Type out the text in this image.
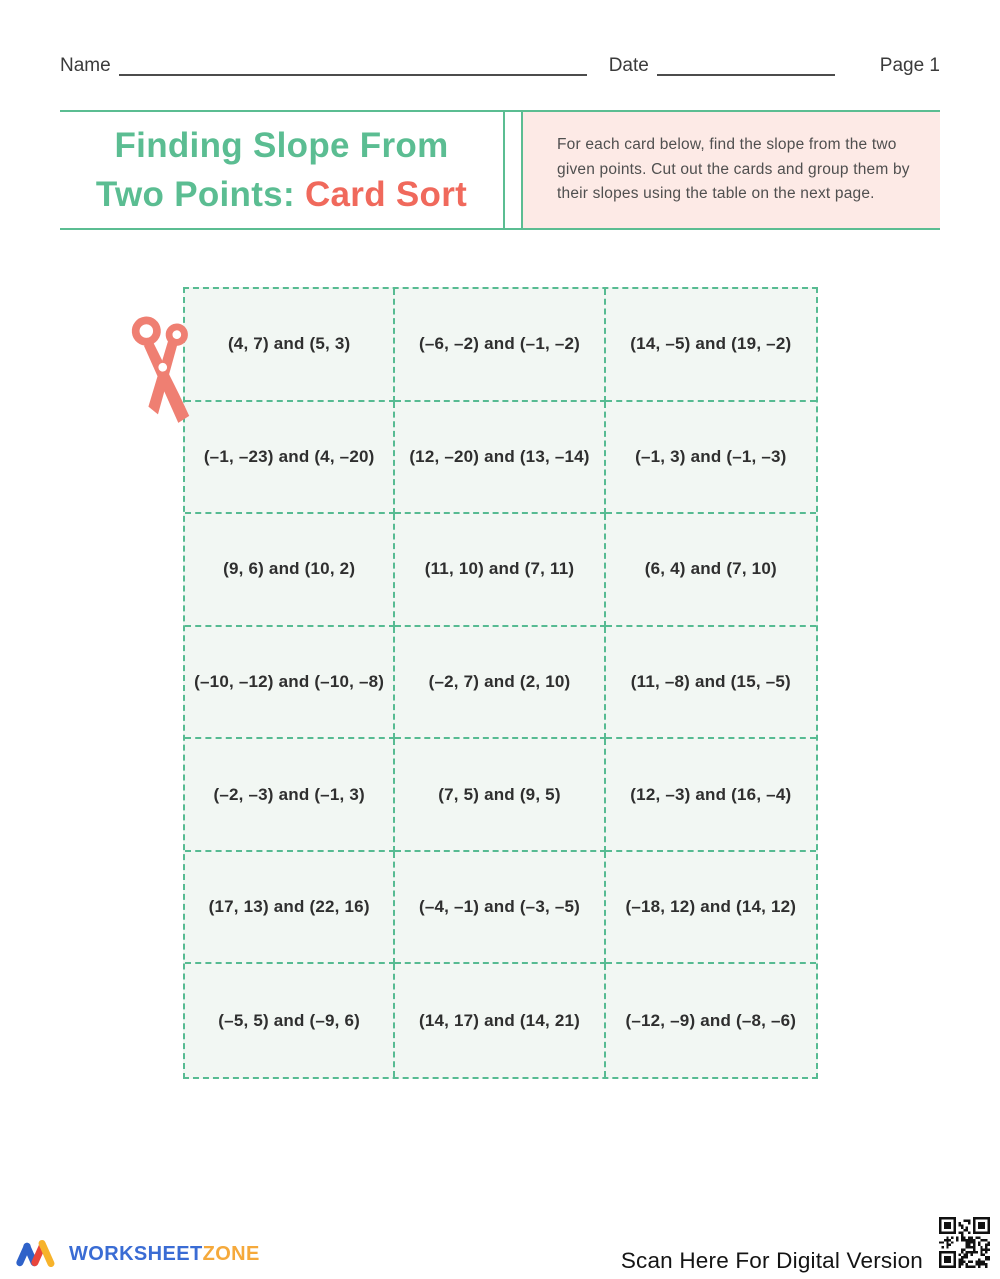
Name	Date	Page 1
Finding Slope From
Two Points: Card Sort

For each card below, find the slope from the two given points. Cut out the cards and group them by their slopes using the table on the next page.

(4, 7) and (5, 3)	(–6, –2) and (–1, –2)	(14, –5) and (19, –2)
(–1, –23) and (4, –20)	(12, –20) and (13, –14)	(–1, 3) and (–1, –3)
(9, 6) and (10, 2)	(11, 10) and (7, 11)	(6, 4) and (7, 10)
(–10, –12) and (–10, –8)	(–2, 7) and (2, 10)	(11, –8) and (15, –5)
(–2, –3) and (–1, 3)	(7, 5) and (9, 5)	(12, –3) and (16, –4)
(17, 13) and (22, 16)	(–4, –1) and (–3, –5)	(–18, 12) and (14, 12)
(–5, 5) and (–9, 6)	(14, 17) and (14, 21)	(–12, –9) and (–8, –6)
WORKSHEETZONE	Scan Here For Digital Version
